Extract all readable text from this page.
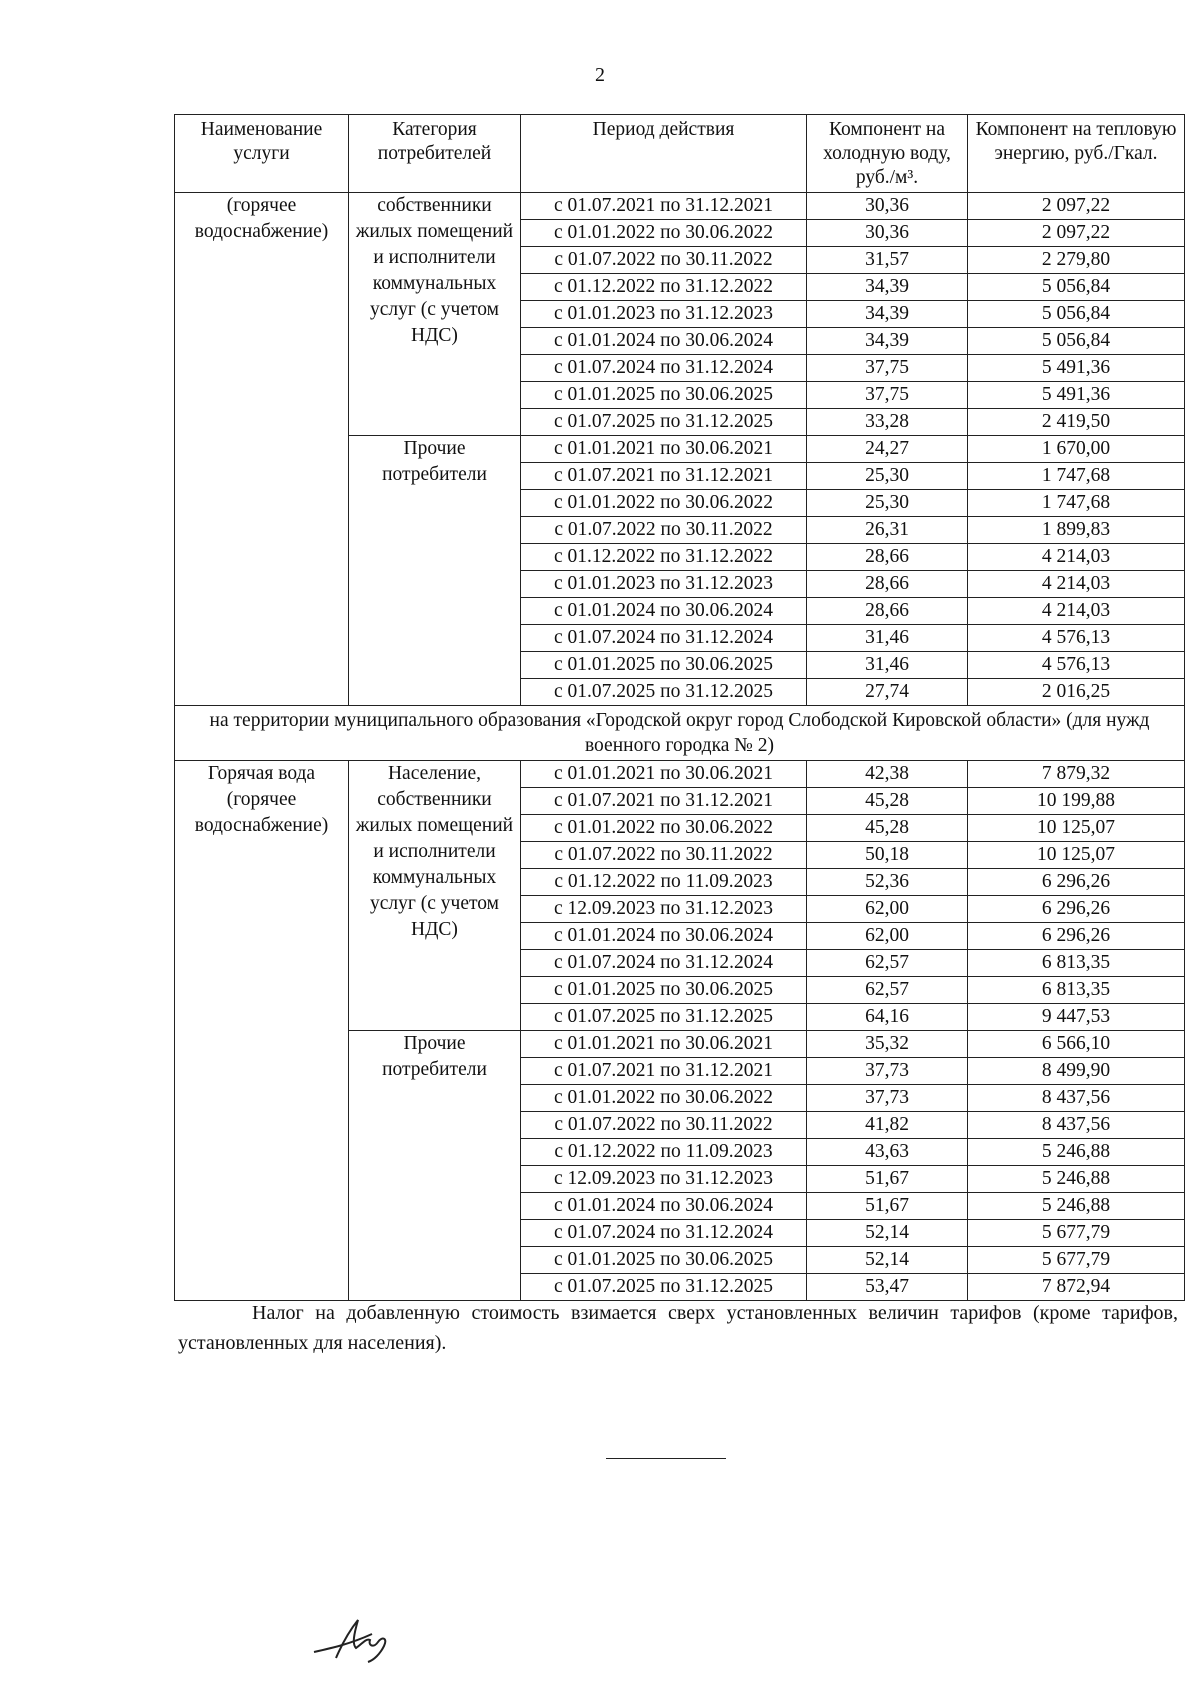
2
Наименование услуги	Категория потребителей	Период действия	Компонент на холодную воду, руб./м³.	Компонент на тепловую энергию, руб./Гкал.
(горячее водоснабжение)	собственники жилых помещений и исполнители коммунальных услуг (с учетом НДС)	с 01.07.2021 по 31.12.2021	30,36	2 097,22
		с 01.01.2022 по 30.06.2022	30,36	2 097,22
		с 01.07.2022 по 30.11.2022	31,57	2 279,80
		с 01.12.2022 по 31.12.2022	34,39	5 056,84
		с 01.01.2023 по 31.12.2023	34,39	5 056,84
		с 01.01.2024 по 30.06.2024	34,39	5 056,84
		с 01.07.2024 по 31.12.2024	37,75	5 491,36
		с 01.01.2025 по 30.06.2025	37,75	5 491,36
		с 01.07.2025 по 31.12.2025	33,28	2 419,50
	Прочие потребители	с 01.01.2021 по 30.06.2021	24,27	1 670,00
		с 01.07.2021 по 31.12.2021	25,30	1 747,68
		с 01.01.2022 по 30.06.2022	25,30	1 747,68
		с 01.07.2022 по 30.11.2022	26,31	1 899,83
		с 01.12.2022 по 31.12.2022	28,66	4 214,03
		с 01.01.2023 по 31.12.2023	28,66	4 214,03
		с 01.01.2024 по 30.06.2024	28,66	4 214,03
		с 01.07.2024 по 31.12.2024	31,46	4 576,13
		с 01.01.2025 по 30.06.2025	31,46	4 576,13
		с 01.07.2025 по 31.12.2025	27,74	2 016,25
на территории муниципального образования «Городской округ город Слободской Кировской области» (для нужд военного городка № 2)				
Горячая вода (горячее водоснабжение)	Население, собственники жилых помещений и исполнители коммунальных услуг (с учетом НДС)	с 01.01.2021 по 30.06.2021	42,38	7 879,32
		с 01.07.2021 по 31.12.2021	45,28	10 199,88
		с 01.01.2022 по 30.06.2022	45,28	10 125,07
		с 01.07.2022 по 30.11.2022	50,18	10 125,07
		с 01.12.2022 по 11.09.2023	52,36	6 296,26
		с 12.09.2023 по 31.12.2023	62,00	6 296,26
		с 01.01.2024 по 30.06.2024	62,00	6 296,26
		с 01.07.2024 по 31.12.2024	62,57	6 813,35
		с 01.01.2025 по 30.06.2025	62,57	6 813,35
		с 01.07.2025 по 31.12.2025	64,16	9 447,53
	Прочие потребители	с 01.01.2021 по 30.06.2021	35,32	6 566,10
		с 01.07.2021 по 31.12.2021	37,73	8 499,90
		с 01.01.2022 по 30.06.2022	37,73	8 437,56
		с 01.07.2022 по 30.11.2022	41,82	8 437,56
		с 01.12.2022 по 11.09.2023	43,63	5 246,88
		с 12.09.2023 по 31.12.2023	51,67	5 246,88
		с 01.01.2024 по 30.06.2024	51,67	5 246,88
		с 01.07.2024 по 31.12.2024	52,14	5 677,79
		с 01.01.2025 по 30.06.2025	52,14	5 677,79
		с 01.07.2025 по 31.12.2025	53,47	7 872,94
Налог на добавленную стоимость взимается сверх установленных величин тарифов (кроме тарифов, установленных для населения).
